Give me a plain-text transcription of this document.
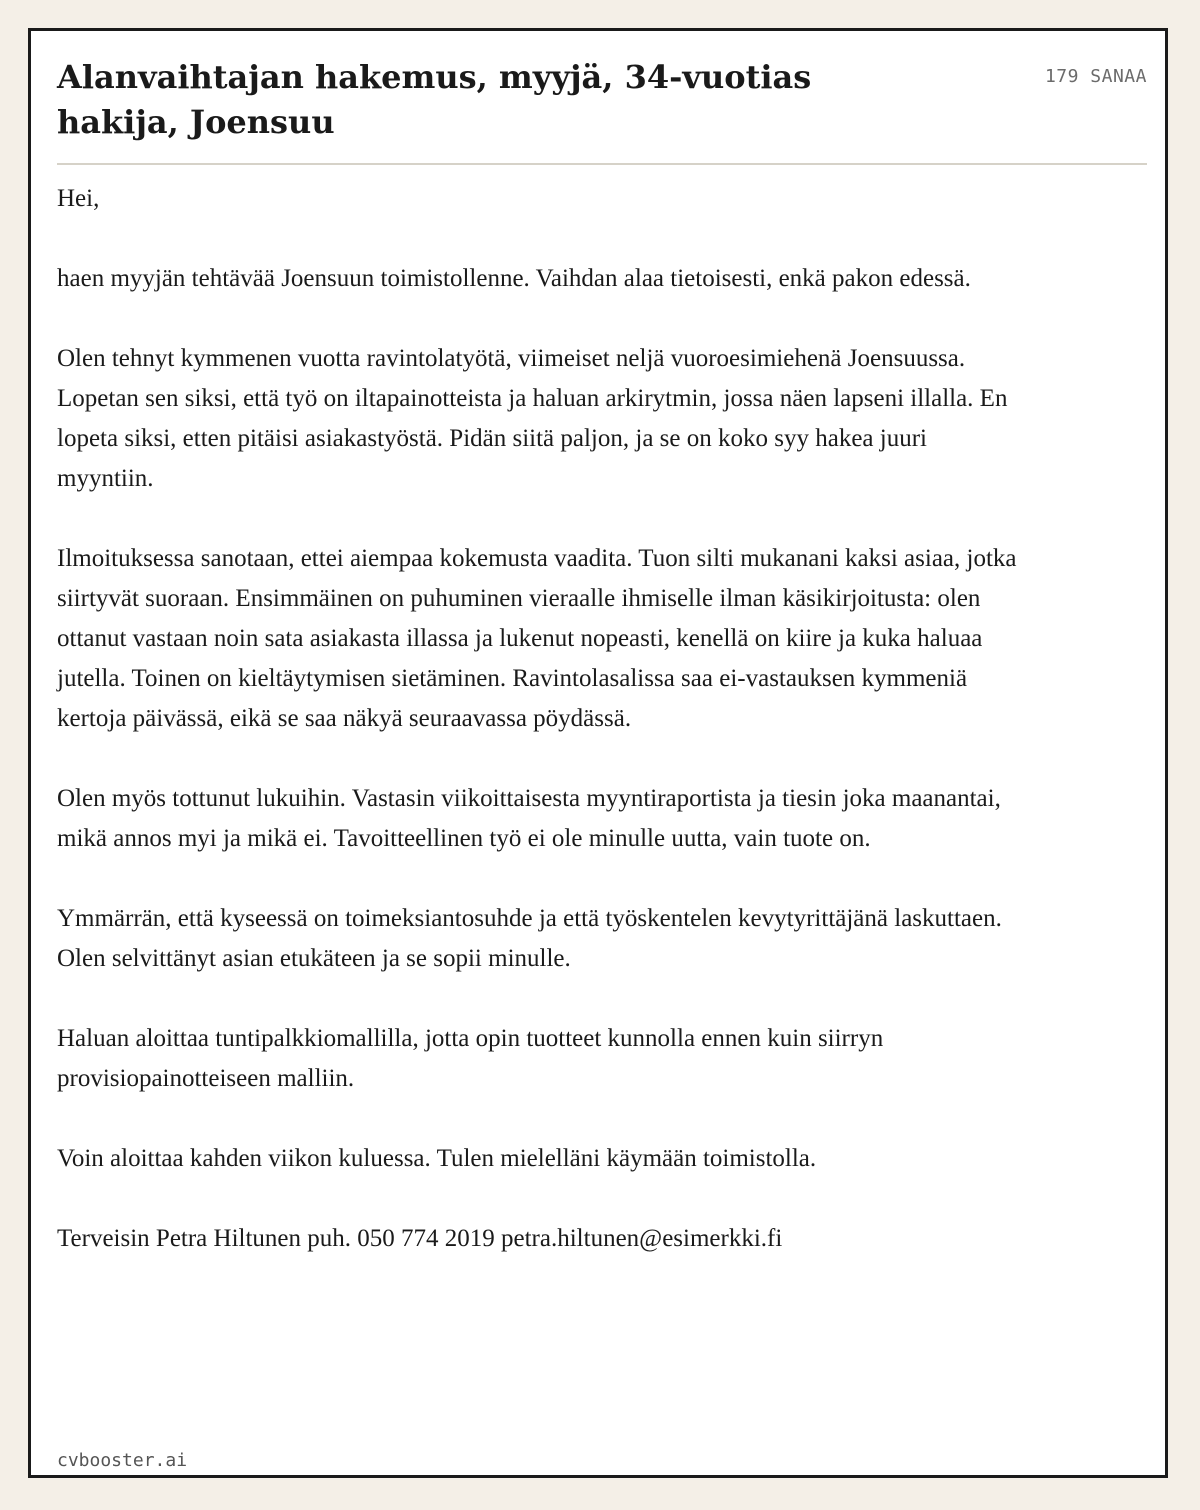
Alanvaihtajan hakemus, myyjä, 34-vuotias hakija, Joensuu
179 SANAA

Hei,

haen myyjän tehtävää Joensuun toimistollenne. Vaihdan alaa tietoisesti, enkä pakon edessä.

Olen tehnyt kymmenen vuotta ravintolatyötä, viimeiset neljä vuoroesimiehenä Joensuussa. Lopetan sen siksi, että työ on iltapainotteista ja haluan arkirytmin, jossa näen lapseni illalla. En lopeta siksi, etten pitäisi asiakastyöstä. Pidän siitä paljon, ja se on koko syy hakea juuri myyntiin.

Ilmoituksessa sanotaan, ettei aiempaa kokemusta vaadita. Tuon silti mukanani kaksi asiaa, jotka siirtyvät suoraan. Ensimmäinen on puhuminen vieraalle ihmiselle ilman käsikirjoitusta: olen ottanut vastaan noin sata asiakasta illassa ja lukenut nopeasti, kenellä on kiire ja kuka haluaa jutella. Toinen on kieltäytymisen sietäminen. Ravintolasalissa saa ei-vastauksen kymmeniä kertoja päivässä, eikä se saa näkyä seuraavassa pöydässä.

Olen myös tottunut lukuihin. Vastasin viikoittaisesta myyntiraportista ja tiesin joka maanantai, mikä annos myi ja mikä ei. Tavoitteellinen työ ei ole minulle uutta, vain tuote on.

Ymmärrän, että kyseessä on toimeksiantosuhde ja että työskentelen kevytyrittäjänä laskuttaen. Olen selvittänyt asian etukäteen ja se sopii minulle.

Haluan aloittaa tuntipalkkiomallilla, jotta opin tuotteet kunnolla ennen kuin siirryn provisiopainotteiseen malliin.

Voin aloittaa kahden viikon kuluessa. Tulen mielelläni käymään toimistolla.

Terveisin Petra Hiltunen puh. 050 774 2019 petra.hiltunen@esimerkki.fi

cvbooster.ai
